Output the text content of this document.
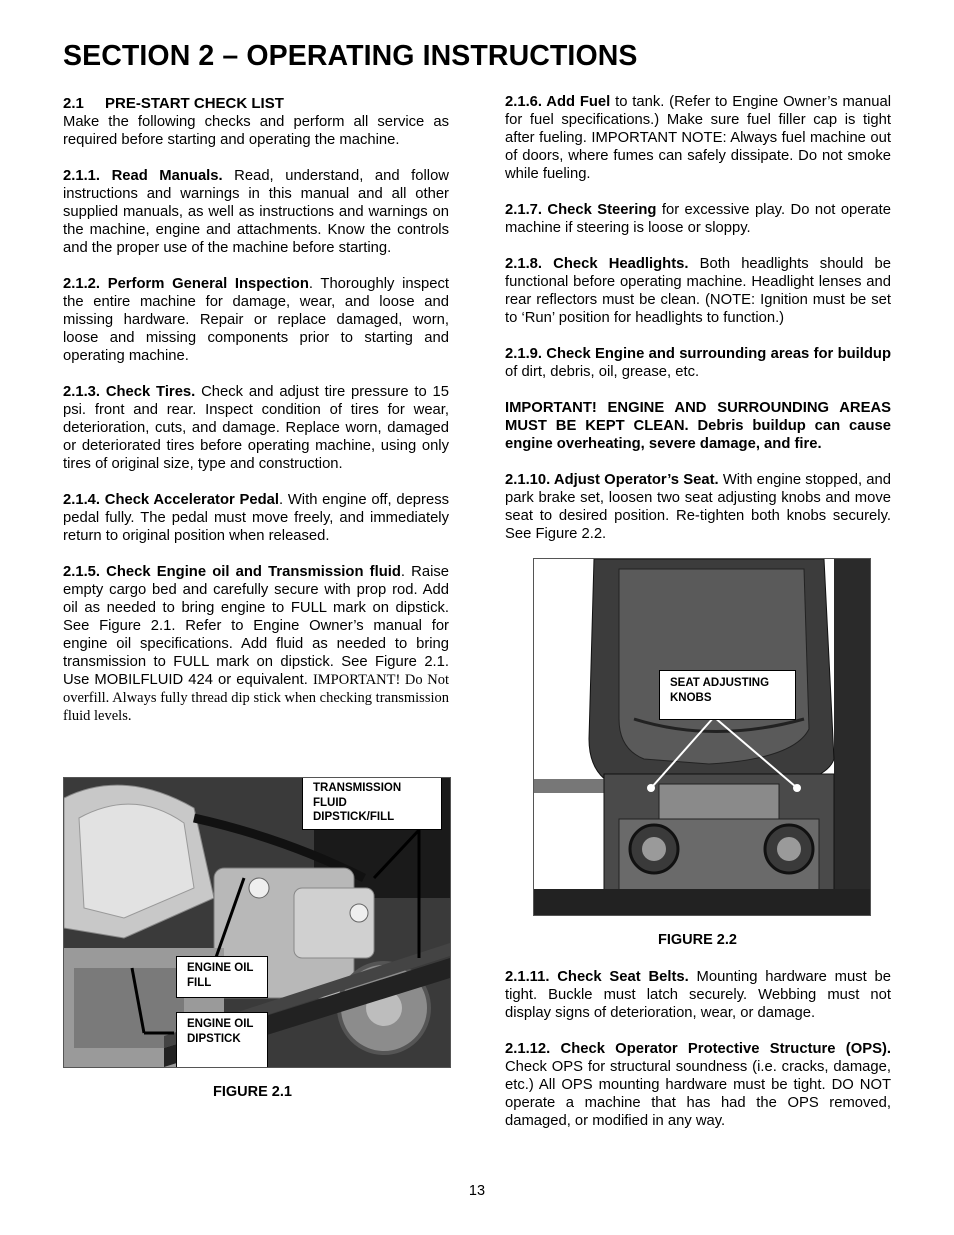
SECTION 2 – OPERATING INSTRUCTIONS
2.1 PRE-START CHECK LIST

Make the following checks and perform all service as required before starting and operating the machine.

2.1.1. Read Manuals. Read, understand, and follow instructions and warnings in this manual and all other supplied manuals, as well as instructions and warnings on the machine, engine and attachments. Know the controls and the proper use of the machine before starting.

2.1.2. Perform General Inspection. Thoroughly inspect the entire machine for damage, wear, and loose and missing hardware. Repair or replace damaged, worn, loose and missing components prior to starting and operating machine.

2.1.3. Check Tires. Check and adjust tire pressure to 15 psi. front and rear. Inspect condition of tires for wear, deterioration, cuts, and damage. Replace worn, damaged or deteriorated tires before operating machine, using only tires of original size, type and construction.

2.1.4. Check Accelerator Pedal. With engine off, depress pedal fully. The pedal must move freely, and immediately return to original position when released.

2.1.5. Check Engine oil and Transmission fluid. Raise empty cargo bed and carefully secure with prop rod. Add oil as needed to bring engine to FULL mark on dipstick. See Figure 2.1. Refer to Engine Owner’s manual for engine oil specifications. Add fluid as needed to bring transmission to FULL mark on dipstick. See Figure 2.1. Use MOBILFLUID 424 or equivalent. IMPORTANT! Do Not overfill. Always fully thread dip stick when checking transmission fluid levels.

TRANSMISSION FLUID DIPSTICK/FILL
ENGINE OIL FILL
ENGINE OIL DIPSTICK
FIGURE 2.1

2.1.6. Add Fuel to tank. (Refer to Engine Owner’s manual for fuel specifications.) Make sure fuel filler cap is tight after fueling. IMPORTANT NOTE: Always fuel machine out of doors, where fumes can safely dissipate. Do not smoke while fueling.

2.1.7. Check Steering for excessive play. Do not operate machine if steering is loose or sloppy.

2.1.8. Check Headlights. Both headlights should be functional before operating machine. Headlight lenses and rear reflectors must be clean. (NOTE: Ignition must be set to ‘Run’ position for headlights to function.)

2.1.9. Check Engine and surrounding areas for buildup of dirt, debris, oil, grease, etc.

IMPORTANT! ENGINE AND SURROUNDING AREAS MUST BE KEPT CLEAN. Debris buildup can cause engine overheating, severe damage, and fire.

2.1.10. Adjust Operator’s Seat. With engine stopped, and park brake set, loosen two seat adjusting knobs and move seat to desired position. Re-tighten both knobs securely. See Figure 2.2.

SEAT ADJUSTING KNOBS
FIGURE 2.2

2.1.11. Check Seat Belts. Mounting hardware must be tight. Buckle must latch securely. Webbing must not display signs of deterioration, wear, or damage.

2.1.12. Check Operator Protective Structure (OPS). Check OPS for structural soundness (i.e. cracks, damage, etc.) All OPS mounting hardware must be tight. DO NOT operate a machine that has had the OPS removed, damaged, or modified in any way.

13
